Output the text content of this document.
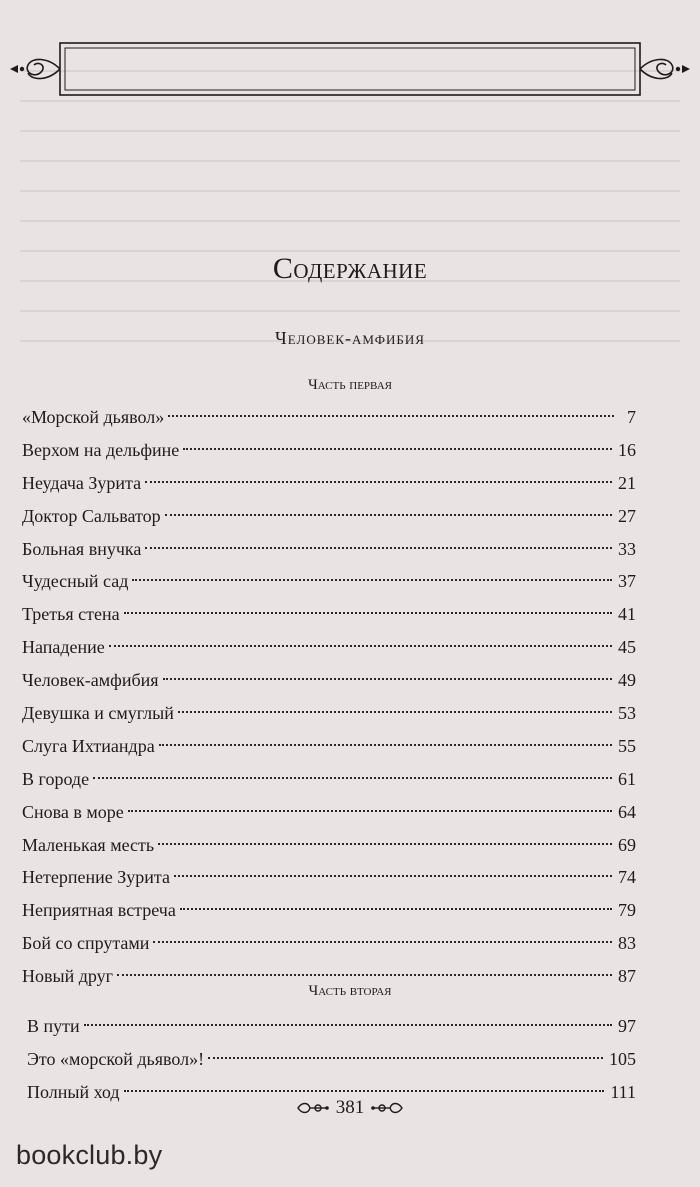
Содержание
Человек-амфибия
Часть первая
«Морской дьявол»	7
Верхом на дельфине	16
Неудача Зурита	21
Доктор Сальватор	27
Больная внучка	33
Чудесный сад	37
Третья стена	41
Нападение	45
Человек-амфибия	49
Девушка и смуглый	53
Слуга Ихтиандра	55
В городе	61
Снова в море	64
Маленькая месть	69
Нетерпение Зурита	74
Неприятная встреча	79
Бой со спрутами	83
Новый друг	87
Часть вторая
В пути	97
Это «морской дьявол»!	105
Полный ход	111
381
bookclub.by
